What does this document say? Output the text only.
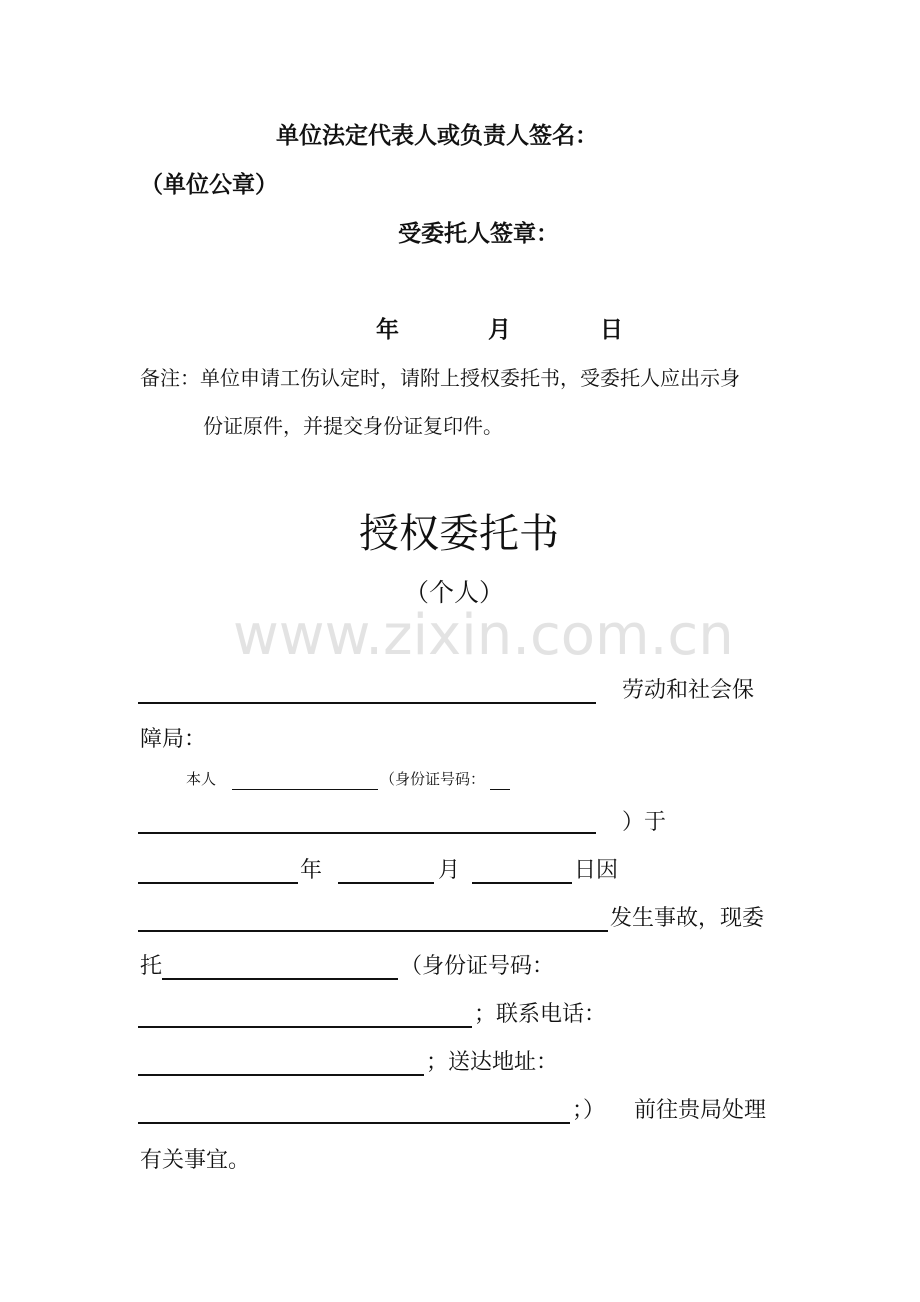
单位法定代表人或负责人签名：
（单位公章）
受委托人签章：
年	月	日
备注：单位申请工伤认定时，请附上授权委托书，受委托人应出示身
份证原件，并提交身份证复印件。
授权委托书
（个人）
www.zixin.com.cn
劳动和社会保
障局：
本人	（身份证号码：
）于
年	月	日因
发生事故，现委
托	（身份证号码：
；联系电话：
；送达地址：
；） 前往贵局处理
有关事宜。
